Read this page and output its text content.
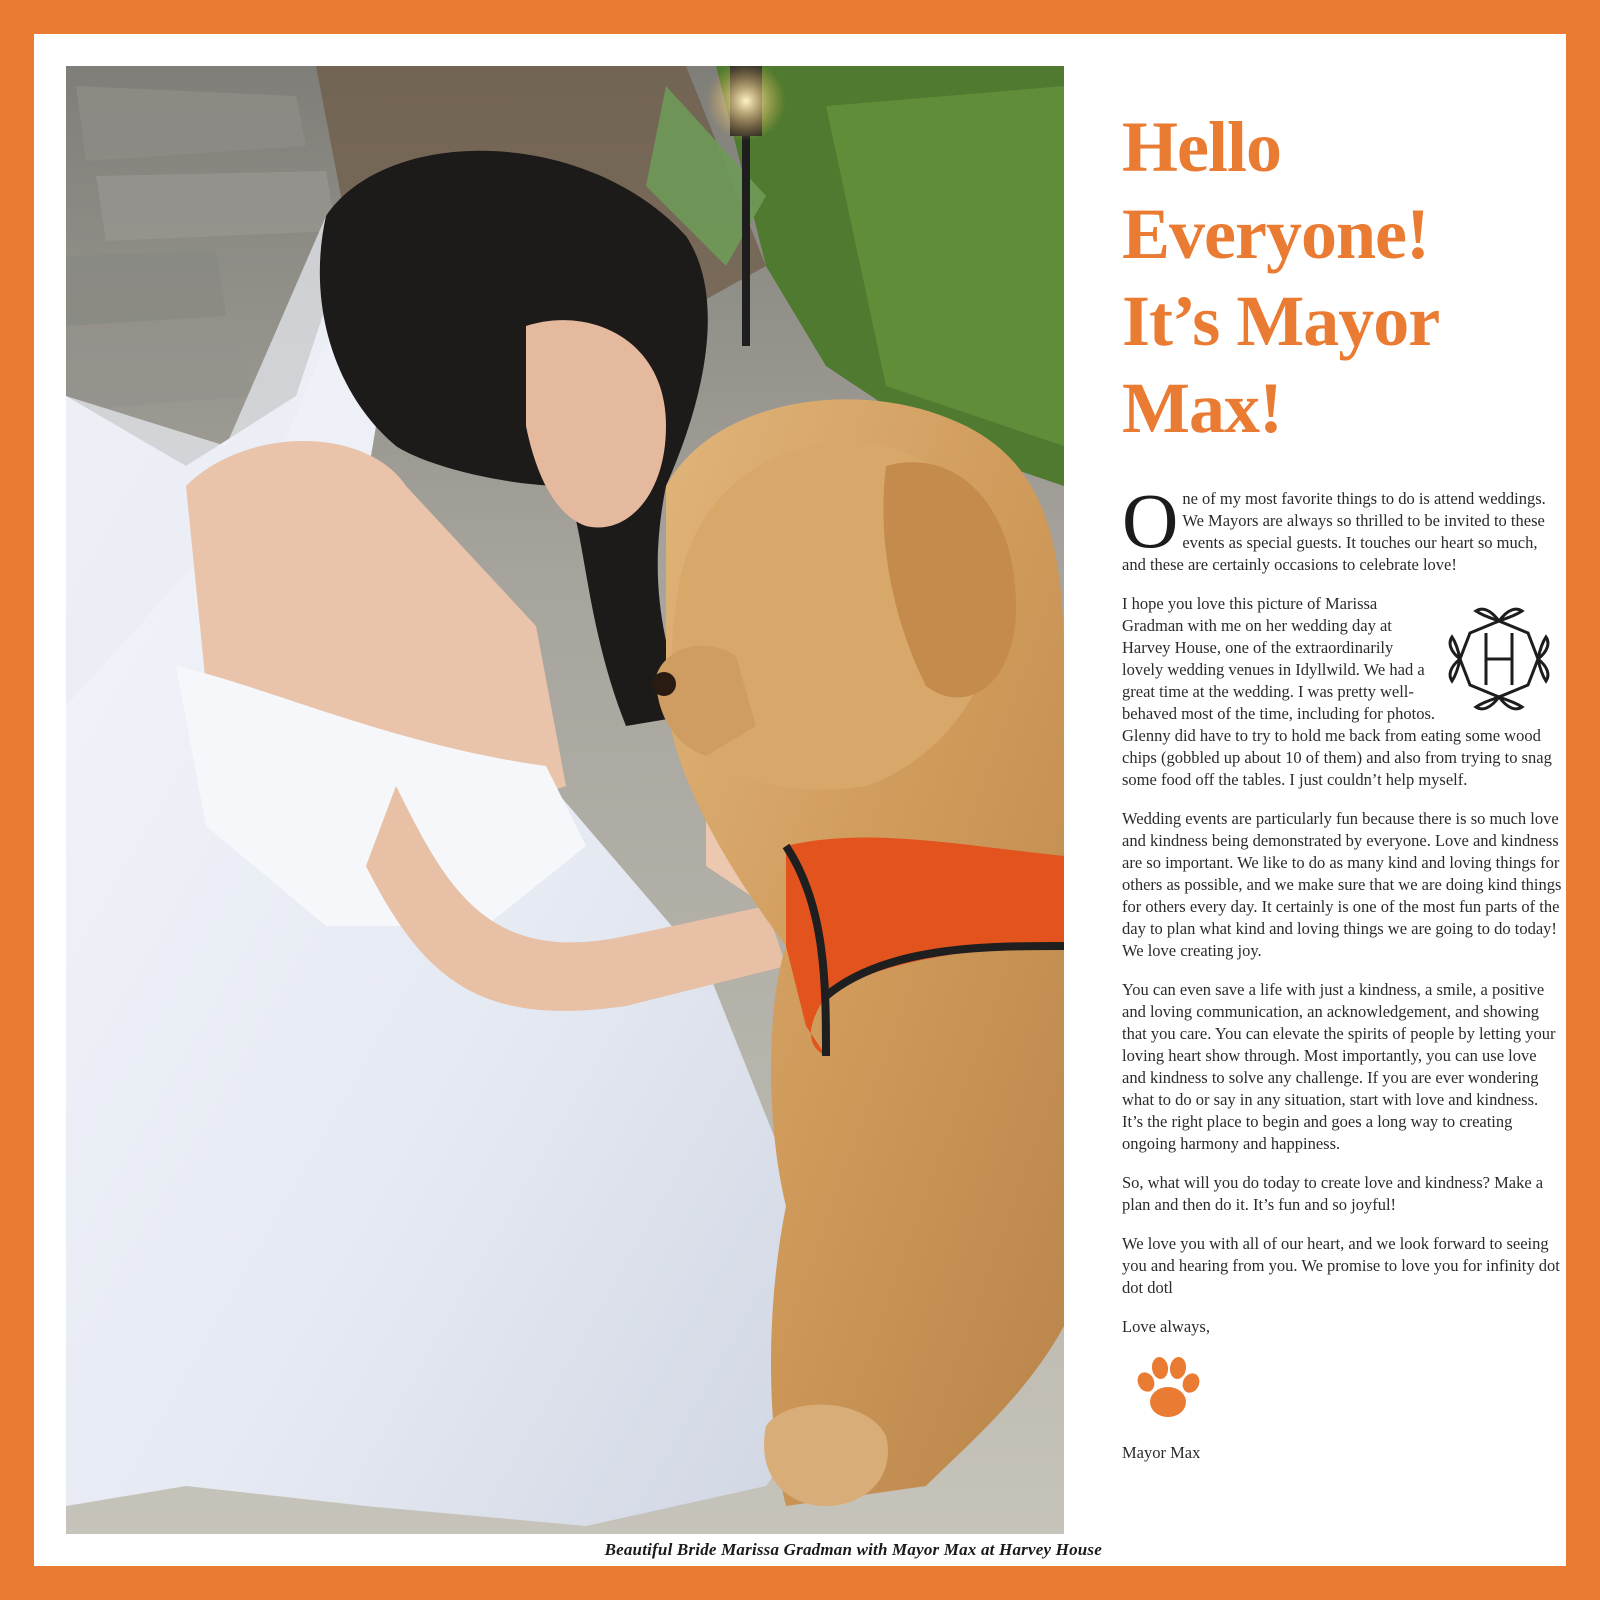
Beautiful Bride Marissa Gradman with Mayor Max at Harvey House
Hello
Everyone!
It’s Mayor
Max!

One of my most favorite things to do is attend weddings. We Mayors are always so thrilled to be invited to these events as special guests. It touches our heart so much, and these are certainly occasions to celebrate love!

I hope you love this picture of Marissa Gradman with me on her wedding day at Harvey House, one of the extraordinarily lovely wedding venues in Idyllwild. We had a great time at the wedding. I was pretty well-behaved most of the time, including for photos. Glenny did have to try to hold me back from eating some wood chips (gobbled up about 10 of them) and also from trying to snag some food off the tables. I just couldn’t help myself.

Wedding events are particularly fun because there is so much love and kindness being demonstrated by everyone. Love and kindness are so important. We like to do as many kind and loving things for others as possible, and we make sure that we are doing kind things for others every day. It certainly is one of the most fun parts of the day to plan what kind and loving things we are going to do today! We love creating joy.

You can even save a life with just a kindness, a smile, a positive and loving communication, an acknowledgement, and showing that you care. You can elevate the spirits of people by letting your loving heart show through. Most importantly, you can use love and kindness to solve any challenge. If you are ever wondering what to do or say in any situation, start with love and kindness. It’s the right place to begin and goes a long way to creating ongoing harmony and happiness.

So, what will you do today to create love and kindness? Make a plan and then do it. It’s fun and so joyful!

We love you with all of our heart, and we look forward to seeing you and hearing from you. We promise to love you for infinity dot dot dotl

Love always,
Mayor Max
